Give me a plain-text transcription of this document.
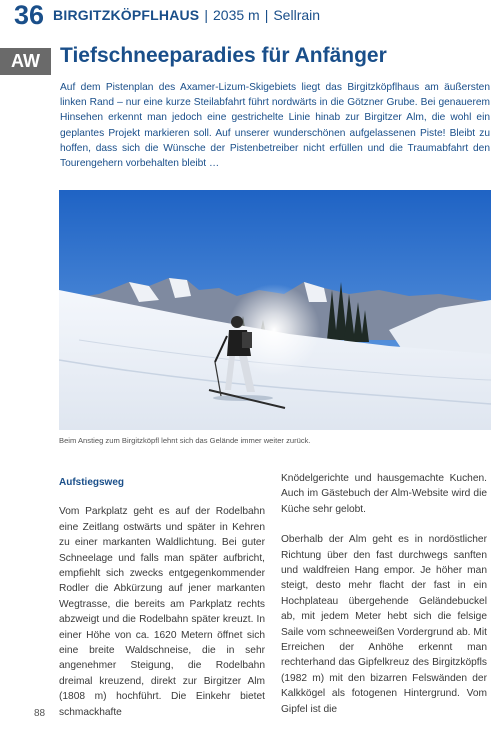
36 BIRGITZKÖPFLHAUS | 2035 m | Sellrain
AW Tiefschneeparadies für Anfänger
Auf dem Pistenplan des Axamer-Lizum-Skigebiets liegt das Birgitzköpflhaus am äußersten linken Rand – nur eine kurze Steilabfahrt führt nordwärts in die Götzner Grube. Bei genauerem Hinsehen erkennt man jedoch eine gestrichelte Linie hinab zur Birgitzer Alm, die wohl ein geplantes Projekt markieren soll. Auf unserer wunderschönen aufgelassenen Piste! Bleibt zu hoffen, dass sich die Wünsche der Pistenbetreiber nicht erfüllen und die Traumabfahrt den Tourengehern vorbehalten bleibt …
Beim Anstieg zum Birgitzköpfl lehnt sich das Gelände immer weiter zurück.
Aufstiegsweg

Vom Parkplatz geht es auf der Rodelbahn eine Zeitlang ostwärts und später in Kehren zu einer markanten Waldlichtung. Bei guter Schneelage und falls man später aufbricht, empfiehlt sich zwecks entgegenkommender Rodler die Abkürzung auf jener markanten Wegtrasse, die bereits am Parkplatz rechts abzweigt und die Rodelbahn später kreuzt. In einer Höhe von ca. 1620 Metern öffnet sich eine breite Waldschneise, die in sehr angenehmer Steigung, die Rodelbahn dreimal kreuzend, direkt zur Birgitzer Alm (1808 m) hochführt. Die Einkehr bietet schmackhafte

Knödelgerichte und hausgemachte Kuchen. Auch im Gästebuch der Alm-Website wird die Küche sehr gelobt.

Oberhalb der Alm geht es in nordöstlicher Richtung über den fast durchwegs sanften und waldfreien Hang empor. Je höher man steigt, desto mehr flacht der fast in ein Hochplateau übergehende Geländebuckel ab, mit jedem Meter hebt sich die felsige Saile vom schneeweißen Vordergrund ab. Mit Erreichen der Anhöhe erkennt man rechterhand das Gipfelkreuz des Birgitzköpfls (1982 m) mit den bizarren Felswänden der Kalkkögel als fotogenen Hintergrund. Vom Gipfel ist die

88
